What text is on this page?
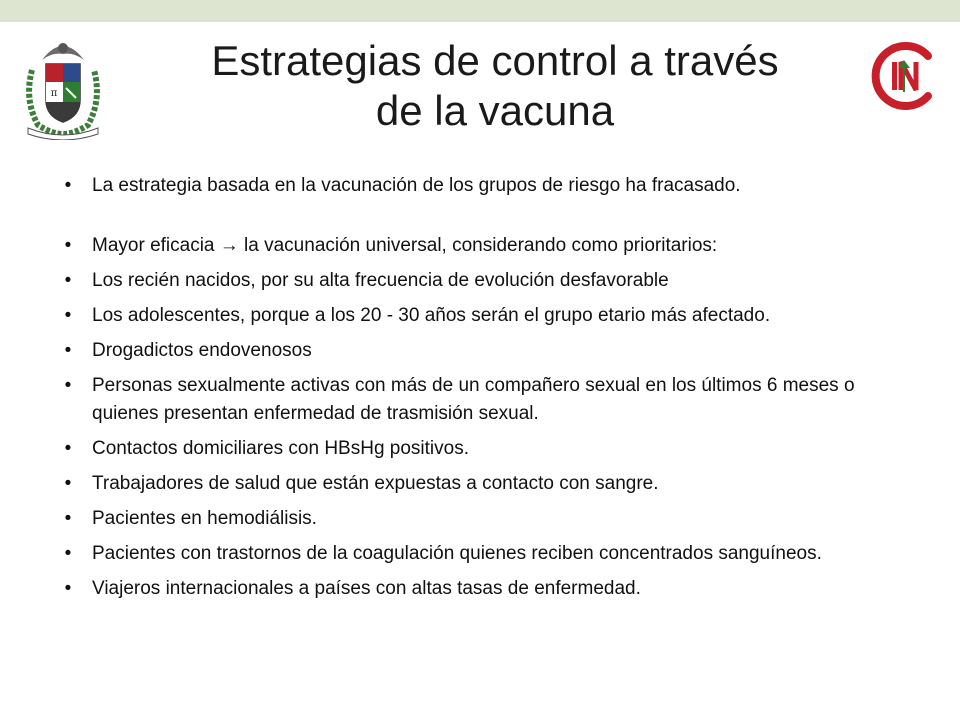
π
Estrategias de control a través
de la vacuna
• La estrategia basada en la vacunación de los grupos de riesgo ha fracasado.
• Mayor eficacia → la vacunación universal, considerando como prioritarios:
• Los recién nacidos, por su alta frecuencia de evolución desfavorable
• Los adolescentes, porque a los 20 - 30 años serán el grupo etario más afectado.
• Drogadictos endovenosos
• Personas sexualmente activas con más de un compañero sexual en los últimos 6 meses o quienes presentan enfermedad de trasmisión sexual.
• Contactos domiciliares con HBsHg positivos.
• Trabajadores de salud que están expuestas a contacto con sangre.
• Pacientes en hemodiálisis.
• Pacientes con trastornos de la coagulación quienes reciben concentrados sanguíneos.
• Viajeros internacionales a países con altas tasas de enfermedad.
